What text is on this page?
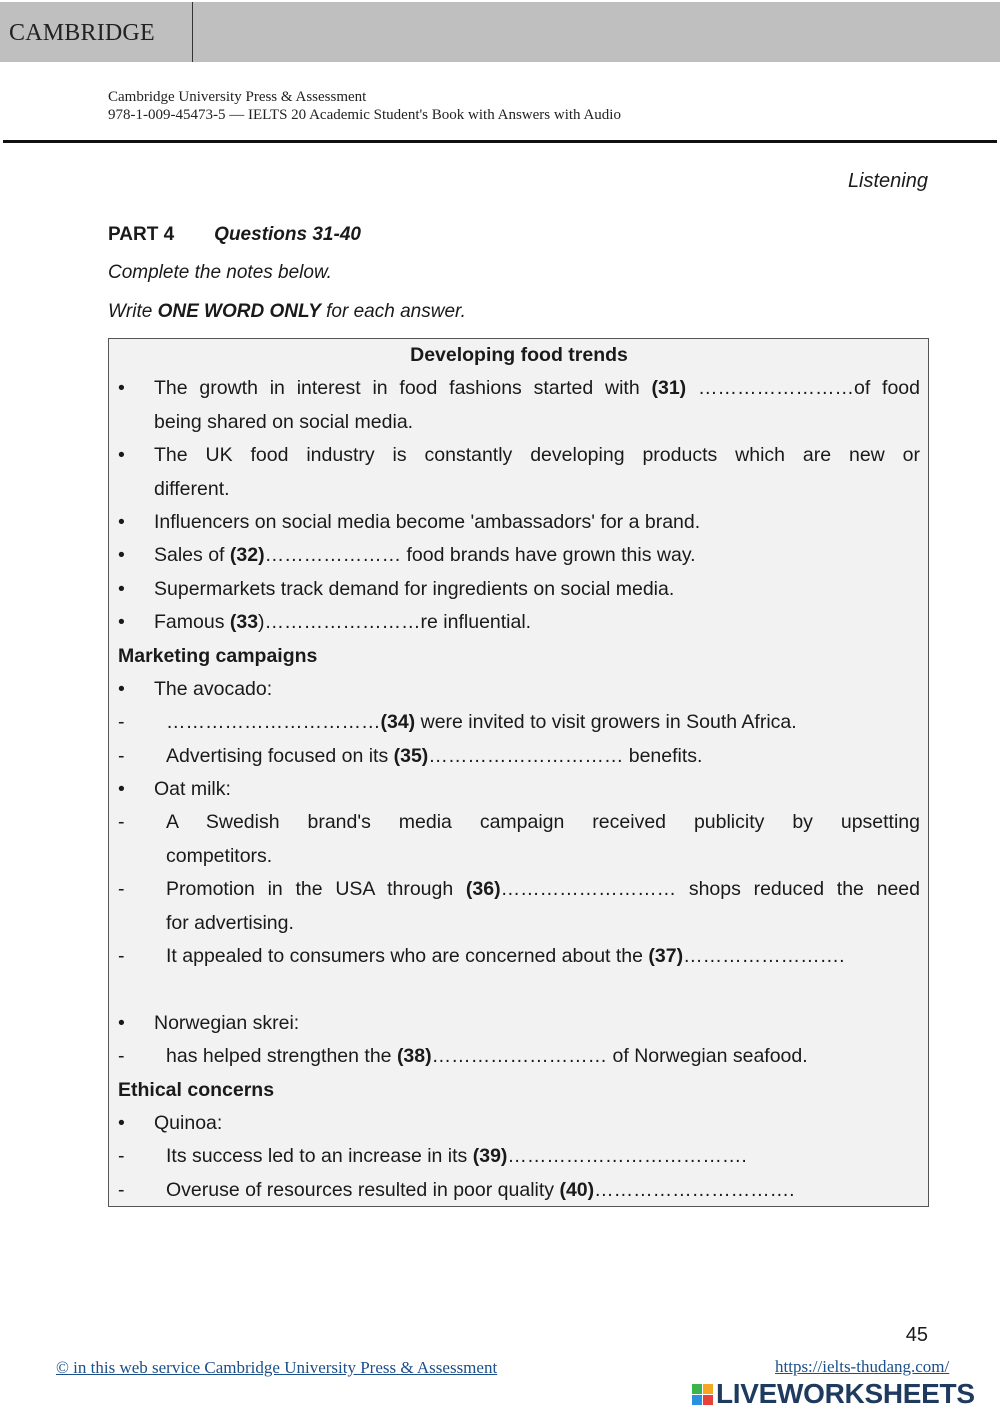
CAMBRIDGE
Cambridge University Press & Assessment
978-1-009-45473-5 — IELTS 20 Academic Student's Book with Answers with Audio
Listening
PART 4 Questions 31-40
Complete the notes below.
Write ONE WORD ONLY for each answer.
Developing food trends
• The growth in interest in food fashions started with (31) ……………………of food
being shared on social media.
• The UK food industry is constantly developing products which are new or
different.
• Influencers on social media become 'ambassadors' for a brand.
• Sales of (32)………………… food brands have grown this way.
• Supermarkets track demand for ingredients on social media.
• Famous (33)……………………re influential.
Marketing campaigns
• The avocado:
- ……………………………(34) were invited to visit growers in South Africa.
- Advertising focused on its (35)………………………… benefits.
• Oat milk:
- A Swedish brand's media campaign received publicity by upsetting
competitors.
- Promotion in the USA through (36)……………………… shops reduced the need
for advertising.
- It appealed to consumers who are concerned about the (37)…………………….
• Norwegian skrei:
- has helped strengthen the (38)……………………… of Norwegian seafood.
Ethical concerns
• Quinoa:
- Its success led to an increase in its (39)……………………………….
- Overuse of resources resulted in poor quality (40)………………………….
45
© in this web service Cambridge University Press & Assessment	https://ielts-thudang.com/
LIVEWORKSHEETS
